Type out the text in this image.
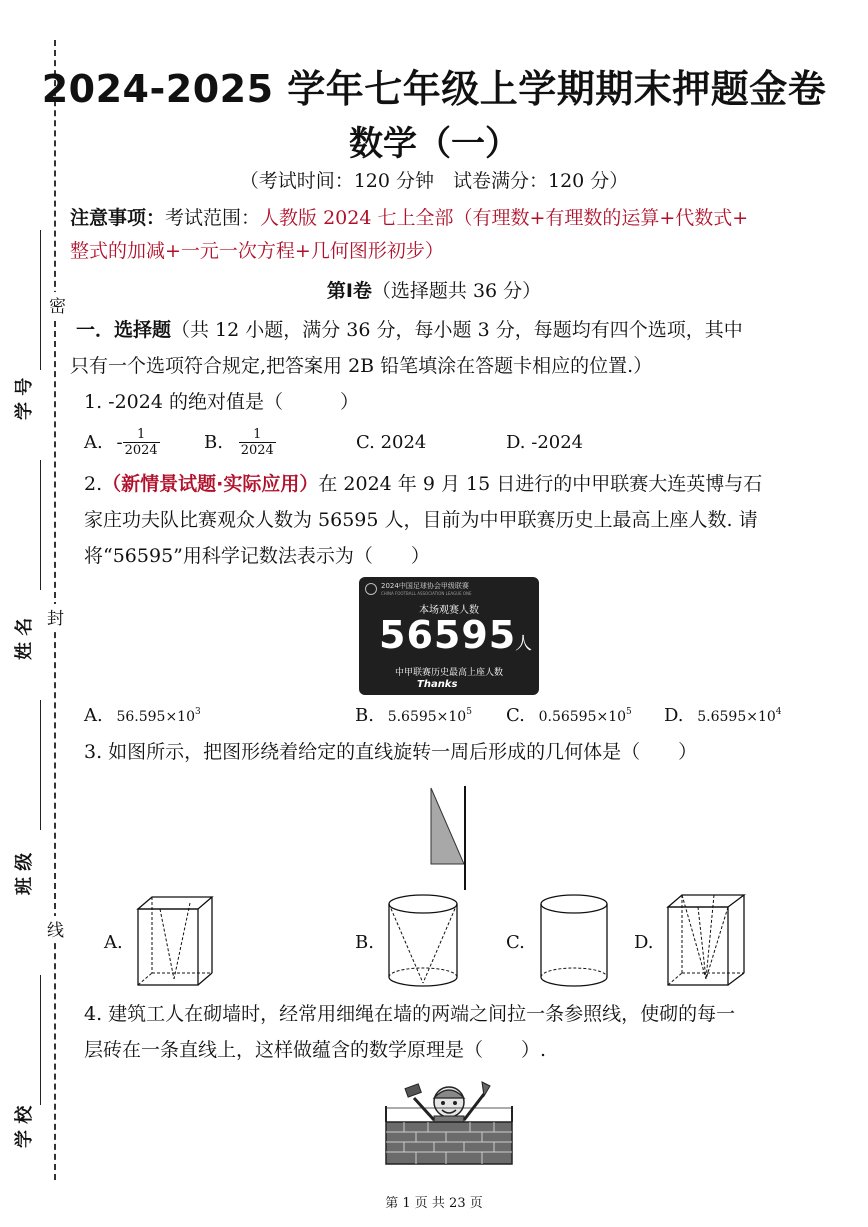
密
封
线
学 号
姓 名
班 级
学 校
2024-2025 学年七年级上学期期末押题金卷
数学（一）
（考试时间：120 分钟　试卷满分：120 分）
注意事项：考试范围：人教版 2024 七上全部（有理数+有理数的运算+代数式+
整式的加减+一元一次方程+几何图形初步）
第Ⅰ卷（选择题共 36 分）
一．选择题（共 12 小题，满分 36 分，每小题 3 分，每题均有四个选项，其中
只有一个选项符合规定,把答案用 2B 铅笔填涂在答题卡相应的位置.）
1. -2024 的绝对值是（　　　）
A. - $\frac{1}{2024} B$. $\frac{1}{2024}$	C. 2024	D. -2024
2.（新情景试题·实际应用）在 2024 年 9 月 15 日进行的中甲联赛大连英博与石
家庄功夫队比赛观众人数为 56595 人，目前为中甲联赛历史上最高上座人数. 请
将“56595”用科学记数法表示为（　　）
2024中国足球协会甲级联赛
CHINA FOOTBALL ASSOCIATION LEAGUE ONE
本场观赛人数
56595
人
中甲联赛历史最高上座人数
Thanks
A. $56.595\times 10^3$	B. $5.6595\times 10^5$ C. $0.56595\times 10^5$ D. $5.6595\times 10^4$
3. 如图所示，把图形绕着给定的直线旋转一周后形成的几何体是（　　）
A.	B.	C.	D.
4. 建筑工人在砌墙时，经常用细绳在墙的两端之间拉一条参照线，使砌的每一
层砖在一条直线上，这样做蕴含的数学原理是（　　）.
第 1 页 共 23 页
